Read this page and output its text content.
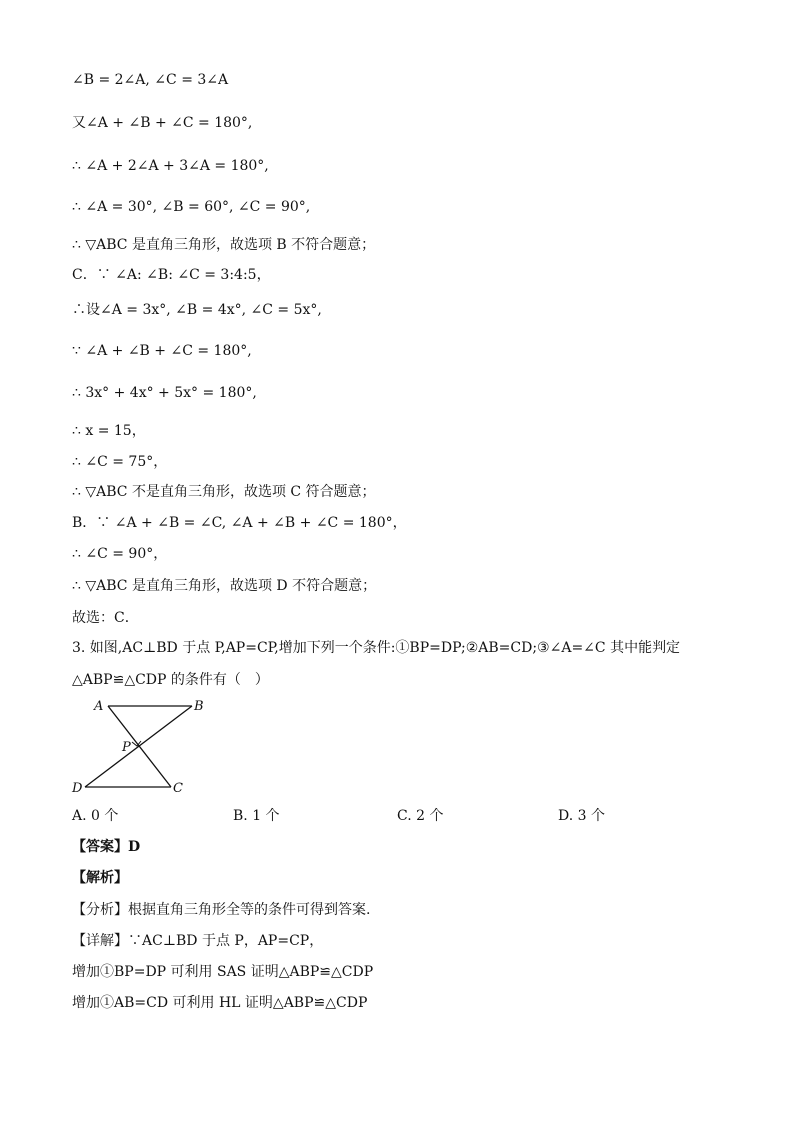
∠B = 2∠A, ∠C = 3∠A
又∠A + ∠B + ∠C = 180°,
∴ ∠A + 2∠A + 3∠A = 180°,
∴ ∠A = 30°, ∠B = 60°, ∠C = 90°,
∴ ▽ABC 是直角三角形，故选项 B 不符合题意；
C．∵ ∠A: ∠B: ∠C = 3:4:5，
∴设∠A = 3x°, ∠B = 4x°, ∠C = 5x°,
∵ ∠A + ∠B + ∠C = 180°,
∴ 3x° + 4x° + 5x° = 180°,
∴ x = 15，
∴ ∠C = 75°，
∴ ▽ABC 不是直角三角形，故选项 C 符合题意；
B．∵ ∠A + ∠B = ∠C, ∠A + ∠B + ∠C = 180°，
∴ ∠C = 90°，
∴ ▽ABC 是直角三角形，故选项 D 不符合题意；
故选：C．
3. 如图,AC⊥BD 于点 P,AP=CP,增加下列一个条件:①BP=DP;②AB=CD;③∠A=∠C 其中能判定
△ABP≌△CDP 的条件有（　）
A	B
P
D	C
A. 0 个	B. 1 个	C. 2 个	D. 3 个
【答案】D
【解析】
【分析】根据直角三角形全等的条件可得到答案.
【详解】∵AC⊥BD 于点 P，AP=CP，
增加①BP=DP 可利用 SAS 证明△ABP≌△CDP
增加①AB=CD 可利用 HL 证明△ABP≌△CDP
